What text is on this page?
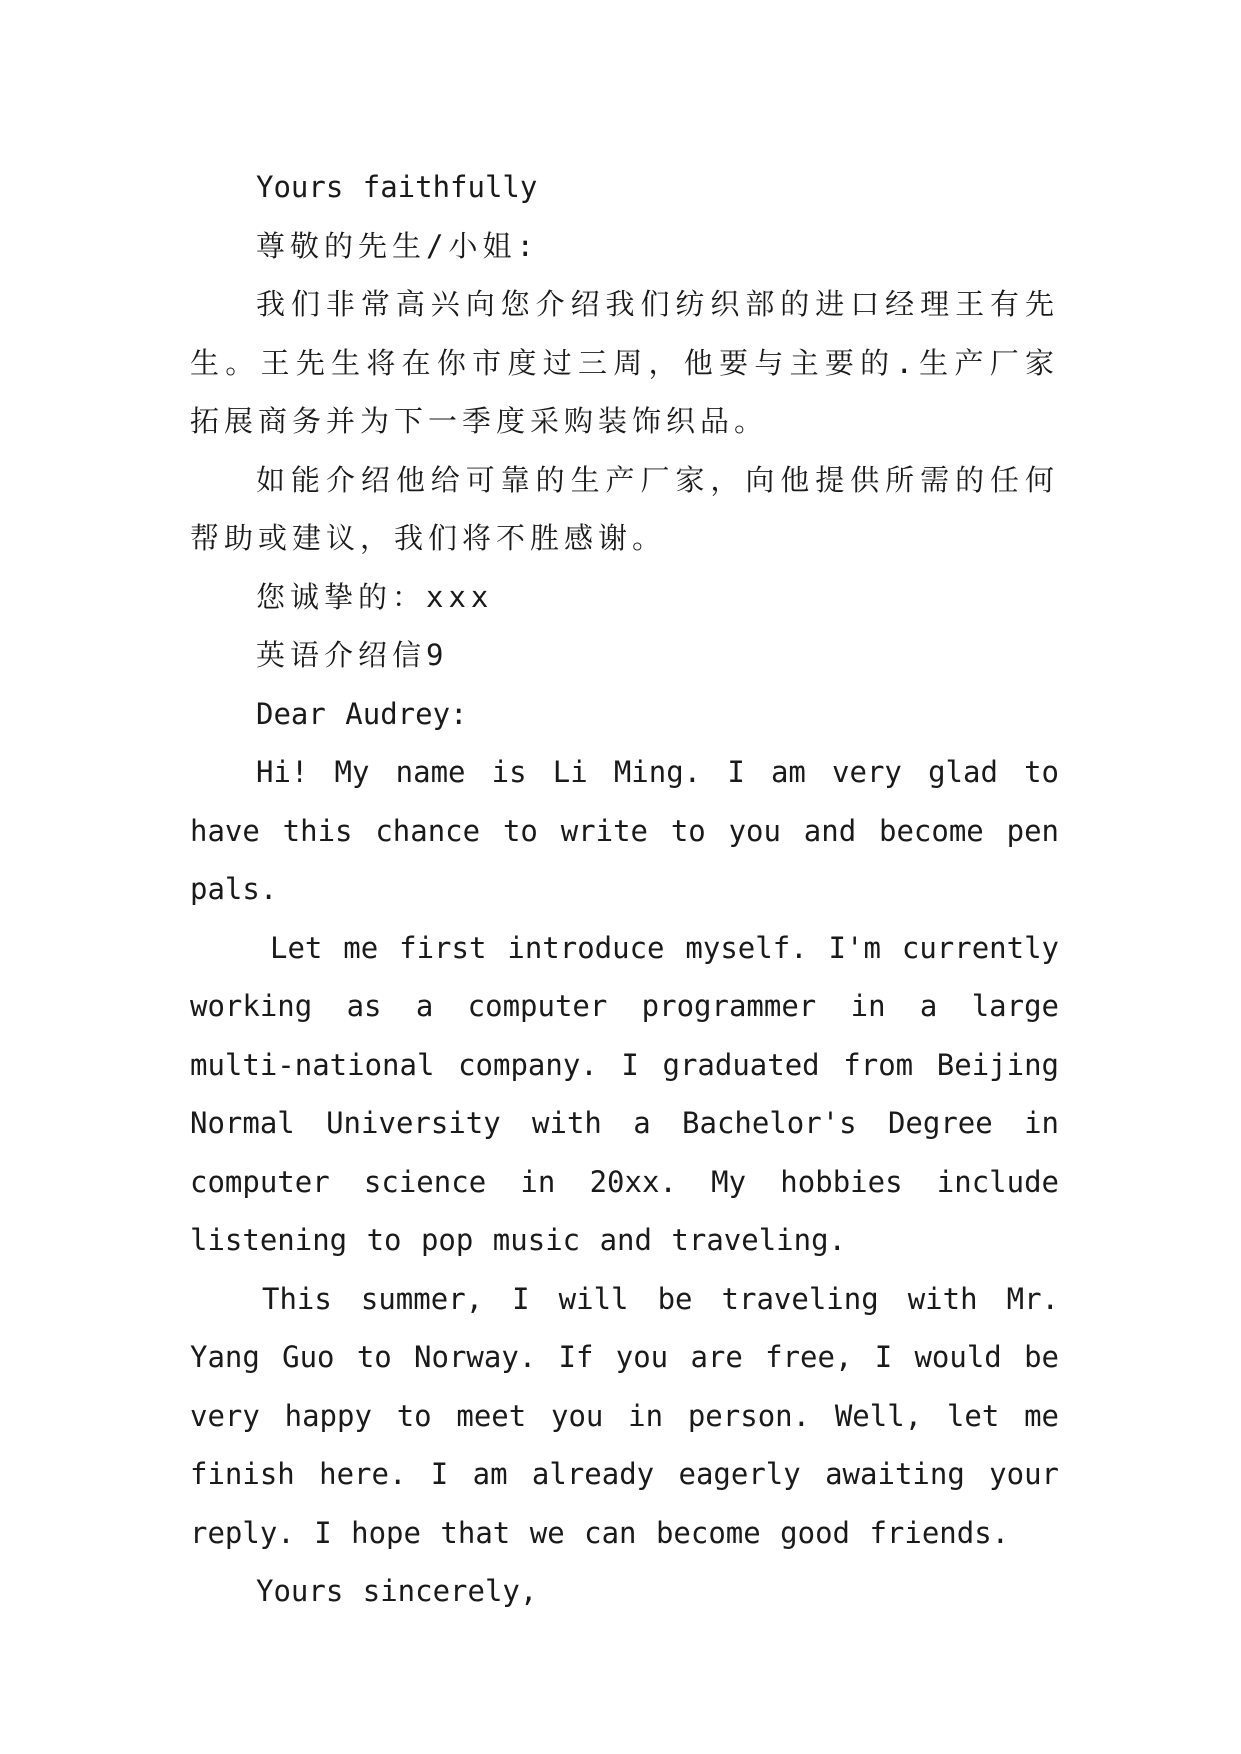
Yours faithfully

尊敬的先生/小姐:

我们非常高兴向您介绍我们纺织部的进口经理王有先生。王先生将在你市度过三周，他要与主要的.生产厂家拓展商务并为下一季度采购装饰织品。

如能介绍他给可靠的生产厂家，向他提供所需的任何帮助或建议，我们将不胜感谢。

您诚挚的：xxx

英语介绍信9

Dear Audrey:

Hi! My name is Li Ming. I am very glad to have this chance to write to you and become pen pals.

Let me first introduce myself. I'm currently working as a computer programmer in a large multi-national company. I graduated from Beijing Normal University with a Bachelor's Degree in computer science in 20xx. My hobbies include listening to pop music and traveling.

This summer, I will be traveling with Mr. Yang Guo to Norway. If you are free, I would be very happy to meet you in person. Well, let me finish here. I am already eagerly awaiting your reply. I hope that we can become good friends.

Yours sincerely,
